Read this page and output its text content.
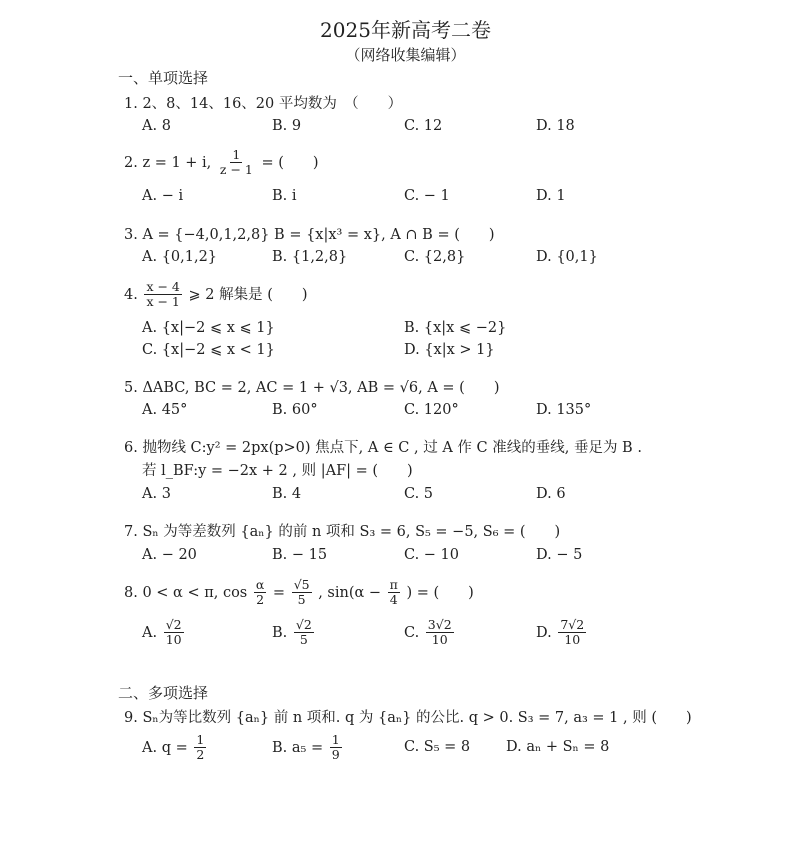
2025年新高考二卷
（网络收集编辑）
一、单项选择
1. 2、8、14、16、20 平均数为　（　　）
A. 8	B. 9	C. 12	D. 18
2. z = 1 + i, $\frac{1}{z - 1}$ = (　　)
A. − i	B. i	C. − 1	D. 1
3. A = {−4,0,1,2,8} B = {x|x³ = x}, A ∩ B = (　　)
A. {0,1,2}	B. {1,2,8}	C. {2,8}	D. {0,1}
4. $\frac{x - 4}{x - 1}$ ⩾ 2 解集是 (　　)
A. {x|−2 ⩽ x ⩽ 1}	B. {x|x ⩽ −2}
C. {x|−2 ⩽ x < 1}	D. {x|x > 1}
5. ΔABC, BC = 2, AC = 1 + √3, AB = √6, A = (　　)
A. 45°	B. 60°	C. 120°	D. 135°
6. 抛物线 C:y² = 2px(p>0) 焦点下, A ∈ C , 过 A 作 C 准线的垂线, 垂足为 B .
若 l_BF:y = −2x + 2 , 则 |AF| = (　　)
A. 3	B. 4	C. 5	D. 6
7. Sₙ 为等差数列 {aₙ} 的前 n 项和 S₃ = 6, S₅ = −5, S₆ = (　　)
A. − 20	B. − 15	C. − 10	D. − 5
8. 0 < α < π, $\cos \frac{\alpha}{2} = \frac{√5}{5}$ , $\sin(\alpha - \frac{\pi}{4}$ ) = (　　)
A. $\frac{√2}{10}$	B. $\frac{√2}{5}$	C. $\frac{3√2}{10}$	D. $\frac{7√2}{10}$
二、多项选择
9. Sₙ为等比数列 {aₙ} 前 n 项和. q 为 {aₙ} 的公比. q > 0. S₃ = 7, a₃ = 1 , 则 (　　)
A. $q = \frac{1}{2}$	B. $a_5 = \frac{1}{9}$	C. S₅ = 8 D. aₙ + Sₙ = 8
